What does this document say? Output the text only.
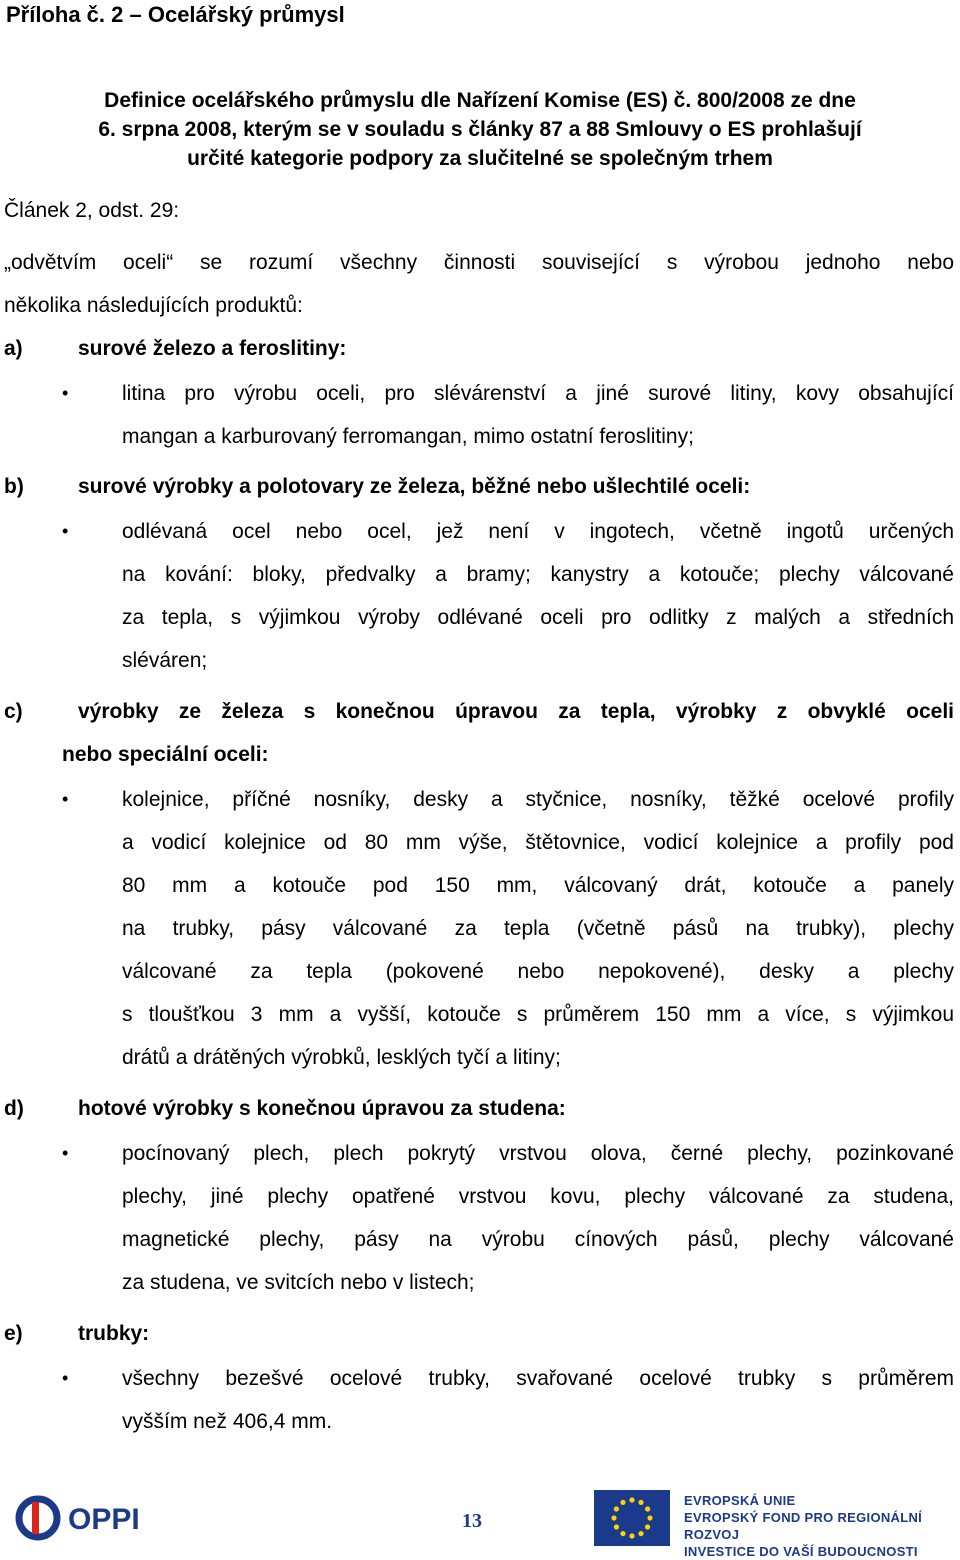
Příloha č. 2 – Ocelářský průmysl
Definice ocelářského průmyslu dle Nařízení Komise (ES) č. 800/2008 ze dne
6. srpna 2008, kterým se v souladu s články 87 a 88 Smlouvy o ES prohlašují
určité kategorie podpory za slučitelné se společným trhem
Článek 2, odst. 29:
„odvětvím oceli“ se rozumí všechny činnosti související s výrobou jednoho nebo
několika následujících produktů:
a)	surové železo a feroslitiny:
•	litina pro výrobu oceli, pro slévárenství a jiné surové litiny, kovy obsahující
mangan a karburovaný ferromangan, mimo ostatní feroslitiny;
b)	surové výrobky a polotovary ze železa, běžné nebo ušlechtilé oceli:
•	odlévaná ocel nebo ocel, jež není v ingotech, včetně ingotů určených
na kování: bloky, předvalky a bramy; kanystry a kotouče; plechy válcované
za tepla, s výjimkou výroby odlévané oceli pro odlitky z malých a středních
sléváren;
c)	výrobky ze železa s konečnou úpravou za tepla, výrobky z obvyklé oceli
nebo speciální oceli:
•	kolejnice, příčné nosníky, desky a styčnice, nosníky, těžké ocelové profily
a vodicí kolejnice od 80 mm výše, štětovnice, vodicí kolejnice a profily pod
80 mm a kotouče pod 150 mm, válcovaný drát, kotouče a panely
na trubky, pásy válcované za tepla (včetně pásů na trubky), plechy
válcované za tepla (pokovené nebo nepokovené), desky a plechy
s tloušťkou 3 mm a vyšší, kotouče s průměrem 150 mm a více, s výjimkou
drátů a drátěných výrobků, lesklých tyčí a litiny;
d)	hotové výrobky s konečnou úpravou za studena:
•	pocínovaný plech, plech pokrytý vrstvou olova, černé plechy, pozinkované
plechy, jiné plechy opatřené vrstvou kovu, plechy válcované za studena,
magnetické plechy, pásy na výrobu cínových pásů, plechy válcované
za studena, ve svitcích nebo v listech;
e)	trubky:
•	všechny bezešvé ocelové trubky, svařované ocelové trubky s průměrem
vyšším než 406,4 mm.
OPPI	13
EVROPSKÁ UNIE
EVROPSKÝ FOND PRO REGIONÁLNÍ ROZVOJ
INVESTICE DO VAŠÍ BUDOUCNOSTI
